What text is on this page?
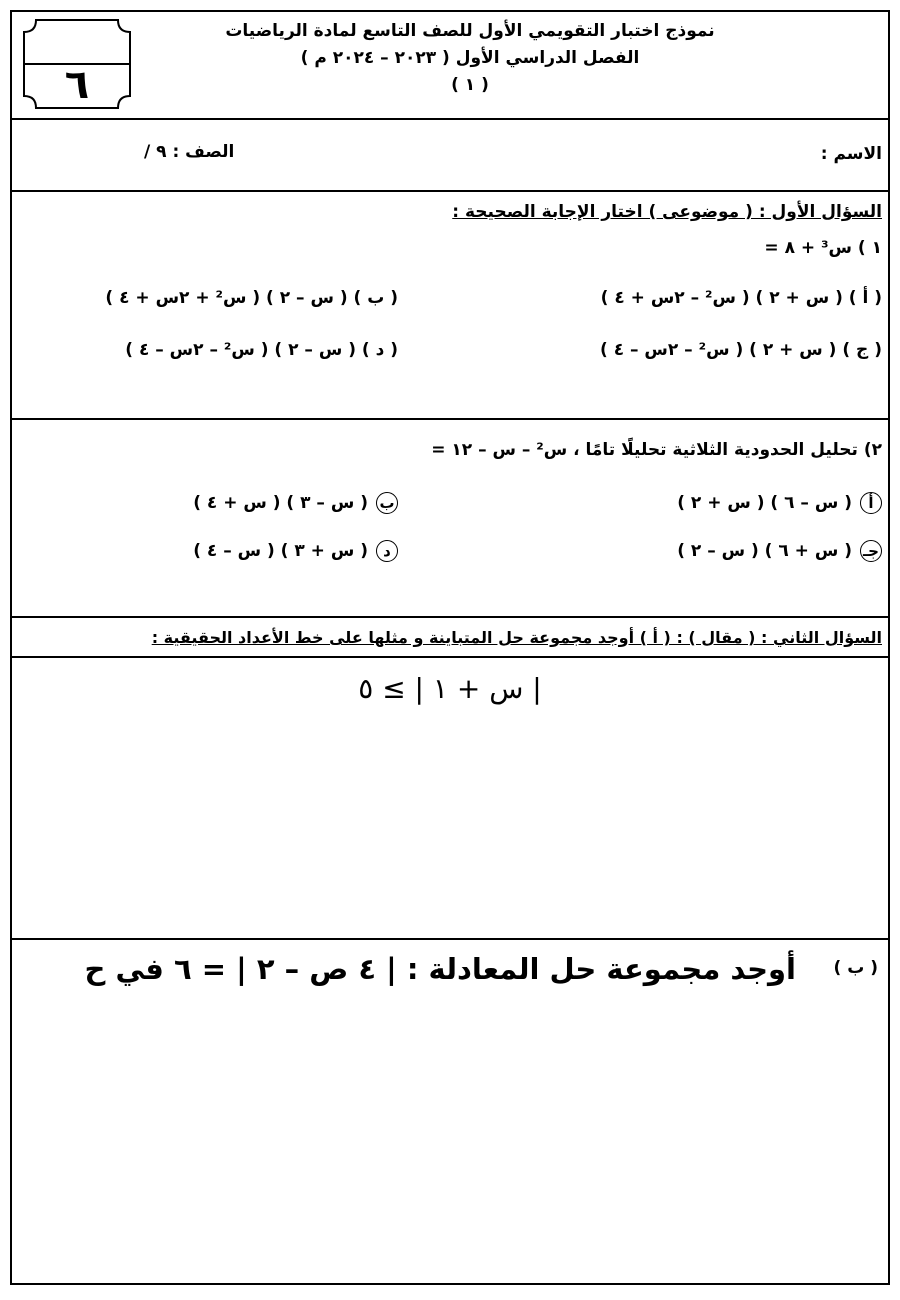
نموذج اختبار التقويمي الأول للصف التاسع لمادة الرياضيات
الفصل الدراسي الأول ( ٢٠٢٣ – ٢٠٢٤ م )
( ١ )
٦
الاسم :
الصف : ٩ /
السؤال الأول : ( موضوعى ) اختار الإجابة الصحيحة :
١ ) س³ + ٨ =
( أ ) ( س + ٢ ) ( س² – ٢س + ٤ )
( ب ) ( س – ٢ ) ( س² + ٢س + ٤ )
( ج ) ( س + ٢ ) ( س² – ٢س – ٤ )
( د ) ( س – ٢ ) ( س² – ٢س – ٤ )
٢) تحليل الحدودية الثلاثية تحليلًا تامًا ، س² – س – ١٢ =
أ( س – ٦ ) ( س + ٢ )
ب( س – ٣ ) ( س + ٤ )
جـ( س + ٦ ) ( س – ٢ )
د( س + ٣ ) ( س – ٤ )
السؤال الثاني : ( مقال ) : ( أ ) أوجد مجموعة حل المتباينة و مثلها على خط الأعداد الحقيقية :
| س + ١ | ≥ ٥
( ب )
أوجد مجموعة حل المعادلة : | ٤ ص – ٢ | = ٦ في ح
